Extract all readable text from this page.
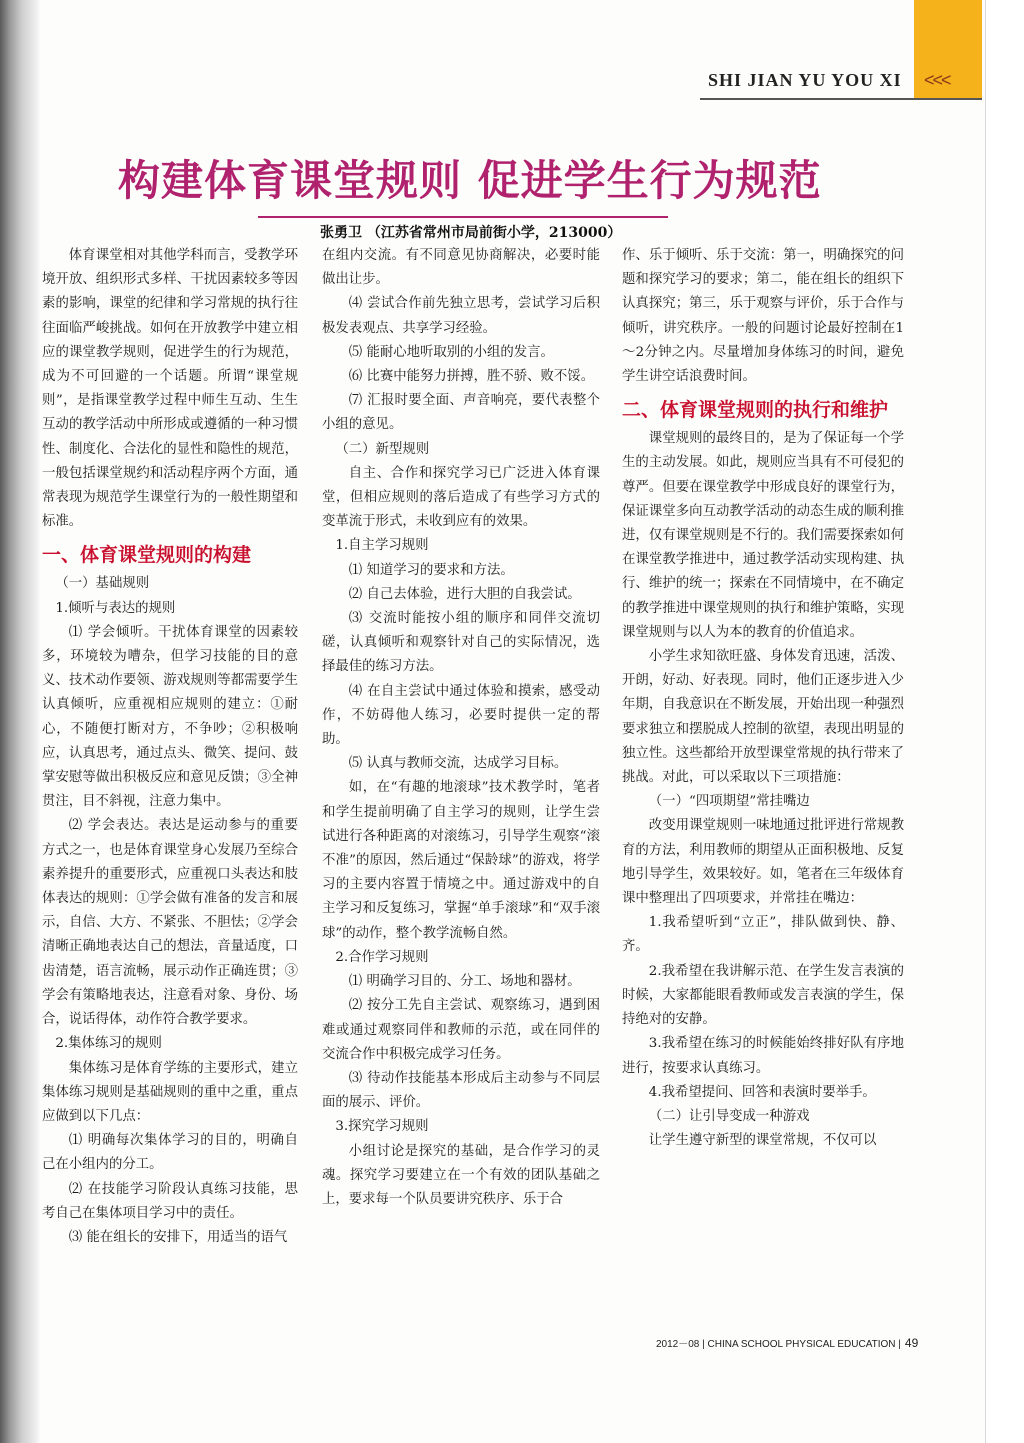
SHI JIAN YU YOU XI <<<
构建体育课堂规则 促进学生行为规范
张勇卫 （江苏省常州市局前街小学，213000）

体育课堂相对其他学科而言，受教学环境开放、组织形式多样、干扰因素较多等因素的影响，课堂的纪律和学习常规的执行往往面临严峻挑战。如何在开放教学中建立相应的课堂教学规则，促进学生的行为规范，成为不可回避的一个话题。所谓“课堂规则”，是指课堂教学过程中师生互动、生生互动的教学活动中所形成或遵循的一种习惯性、制度化、合法化的显性和隐性的规范，一般包括课堂规约和活动程序两个方面，通常表现为规范学生课堂行为的一般性期望和标准。

一、体育课堂规则的构建

（一）基础规则

1.倾听与表达的规则

⑴ 学会倾听。干扰体育课堂的因素较多，环境较为嘈杂，但学习技能的目的意义、技术动作要领、游戏规则等都需要学生认真倾听，应重视相应规则的建立：①耐心，不随便打断对方，不争吵；②积极响应，认真思考，通过点头、微笑、提问、鼓掌安慰等做出积极反应和意见反馈；③全神贯注，目不斜视，注意力集中。

⑵ 学会表达。表达是运动参与的重要方式之一，也是体育课堂身心发展乃至综合素养提升的重要形式，应重视口头表达和肢体表达的规则：①学会做有准备的发言和展示，自信、大方、不紧张、不胆怯；②学会清晰正确地表达自己的想法，音量适度，口齿清楚，语言流畅，展示动作正确连贯；③学会有策略地表达，注意看对象、身份、场合，说话得体，动作符合教学要求。

2.集体练习的规则

集体练习是体育学练的主要形式，建立集体练习规则是基础规则的重中之重，重点应做到以下几点：

⑴ 明确每次集体学习的目的，明确自己在小组内的分工。

⑵ 在技能学习阶段认真练习技能，思考自己在集体项目学习中的责任。

⑶ 能在组长的安排下，用适当的语气

在组内交流。有不同意见协商解决，必要时能做出让步。

⑷ 尝试合作前先独立思考，尝试学习后积极发表观点、共享学习经验。

⑸ 能耐心地听取别的小组的发言。

⑹ 比赛中能努力拼搏，胜不骄、败不馁。

⑺ 汇报时要全面、声音响亮，要代表整个小组的意见。

（二）新型规则

自主、合作和探究学习已广泛进入体育课堂，但相应规则的落后造成了有些学习方式的变革流于形式，未收到应有的效果。

1.自主学习规则

⑴ 知道学习的要求和方法。

⑵ 自己去体验，进行大胆的自我尝试。

⑶ 交流时能按小组的顺序和同伴交流切磋，认真倾听和观察针对自己的实际情况，选择最佳的练习方法。

⑷ 在自主尝试中通过体验和摸索，感受动作，不妨碍他人练习，必要时提供一定的帮助。

⑸ 认真与教师交流，达成学习目标。

如，在“有趣的地滚球”技术教学时，笔者和学生提前明确了自主学习的规则，让学生尝试进行各种距离的对滚练习，引导学生观察“滚不准”的原因，然后通过“保龄球”的游戏，将学习的主要内容置于情境之中。通过游戏中的自主学习和反复练习，掌握“单手滚球”和“双手滚球”的动作，整个教学流畅自然。

2.合作学习规则

⑴ 明确学习目的、分工、场地和器材。

⑵ 按分工先自主尝试、观察练习，遇到困难或通过观察同伴和教师的示范，或在同伴的交流合作中积极完成学习任务。

⑶ 待动作技能基本形成后主动参与不同层面的展示、评价。

3.探究学习规则

小组讨论是探究的基础，是合作学习的灵魂。探究学习要建立在一个有效的团队基础之上，要求每一个队员要讲究秩序、乐于合

作、乐于倾听、乐于交流：第一，明确探究的问题和探究学习的要求；第二，能在组长的组织下认真探究；第三，乐于观察与评价，乐于合作与倾听，讲究秩序。一般的问题讨论最好控制在1～2分钟之内。尽量增加身体练习的时间，避免学生讲空话浪费时间。

二、体育课堂规则的执行和维护

课堂规则的最终目的，是为了保证每一个学生的主动发展。如此，规则应当具有不可侵犯的尊严。但要在课堂教学中形成良好的课堂行为，保证课堂多向互动教学活动的动态生成的顺利推进，仅有课堂规则是不行的。我们需要探索如何在课堂教学推进中，通过教学活动实现构建、执行、维护的统一；探索在不同情境中，在不确定的教学推进中课堂规则的执行和维护策略，实现课堂规则与以人为本的教育的价值追求。

小学生求知欲旺盛、身体发育迅速，活泼、开朗，好动、好表现。同时，他们正逐步进入少年期，自我意识在不断发展，开始出现一种强烈要求独立和摆脱成人控制的欲望，表现出明显的独立性。这些都给开放型课堂常规的执行带来了挑战。对此，可以采取以下三项措施：

（一）“四项期望”常挂嘴边

改变用课堂规则一味地通过批评进行常规教育的方法，利用教师的期望从正面积极地、反复地引导学生，效果较好。如，笔者在三年级体育课中整理出了四项要求，并常挂在嘴边：

1.我希望听到“立正”，排队做到快、静、齐。

2.我希望在我讲解示范、在学生发言表演的时候，大家都能眼看教师或发言表演的学生，保持绝对的安静。

3.我希望在练习的时候能始终排好队有序地进行，按要求认真练习。

4.我希望提问、回答和表演时要举手。

（二）让引导变成一种游戏

让学生遵守新型的课堂常规，不仅可以

2012－08 | CHINA SCHOOL PHYSICAL EDUCATION | 49
